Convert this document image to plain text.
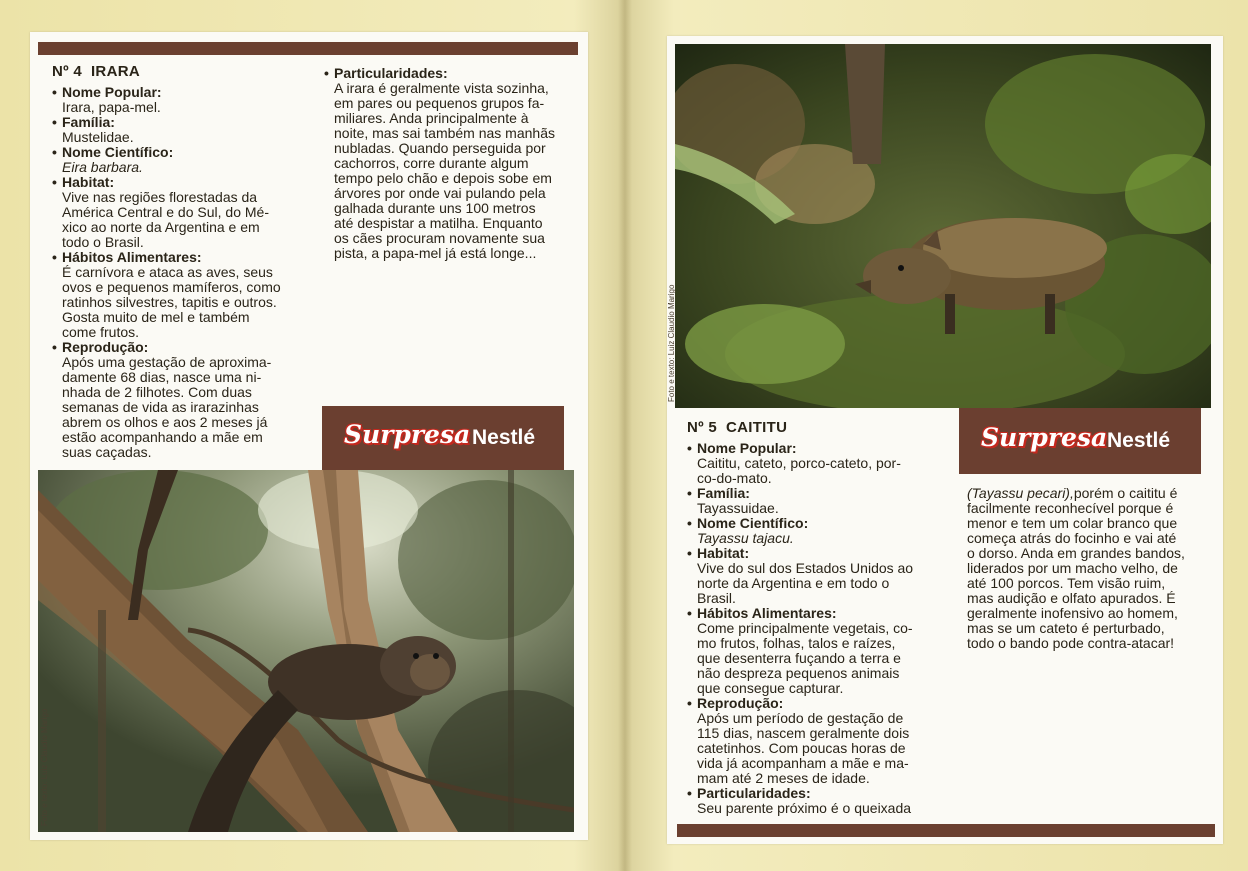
Nº 4 IRARA

• Nome Popular:

Irara, papa-mel.

• Família:

Mustelidae.

• Nome Científico:

Eira barbara.

• Habitat:

Vive nas regiões florestadas da
América Central e do Sul, do Mé-
xico ao norte da Argentina e em
todo o Brasil.

• Hábitos Alimentares:

É carnívora e ataca as aves, seus
ovos e pequenos mamíferos, como
ratinhos silvestres, tapitis e outros.
Gosta muito de mel e também
come frutos.

• Reprodução:

Após uma gestação de aproxima-
damente 68 dias, nasce uma ni-
nhada de 2 filhotes. Com duas
semanas de vida as irarazinhas
abrem os olhos e aos 2 meses já
estão acompanhando a mãe em
suas caçadas.

• Particularidades:

A irara é geralmente vista sozinha,
em pares ou pequenos grupos fa-
miliares. Anda principalmente à
noite, mas sai também nas manhãs
nubladas. Quando perseguida por
cachorros, corre durante algum
tempo pelo chão e depois sobe em
árvores por onde vai pulando pela
galhada durante uns 100 metros
até despistar a matilha. Enquanto
os cães procuram novamente sua
pista, a papa-mel já está longe...

Surpresa Nestlé
Foto e texto: Luiz Claudio Marigo
Foto e texto: Luiz Claudio Marigo
Surpresa Nestlé

Nº 5 CAITITU

• Nome Popular:

Caititu, cateto, porco-cateto, por-
co-do-mato.

• Família:

Tayassuidae.

• Nome Científico:

Tayassu tajacu.

• Habitat:

Vive do sul dos Estados Unidos ao
norte da Argentina e em todo o
Brasil.

• Hábitos Alimentares:

Come principalmente vegetais, co-
mo frutos, folhas, talos e raízes,
que desenterra fuçando a terra e
não despreza pequenos animais
que consegue capturar.

• Reprodução:

Após um período de gestação de
115 dias, nascem geralmente dois
catetinhos. Com poucas horas de
vida já acompanham a mãe e ma-
mam até 2 meses de idade.

• Particularidades:

Seu parente próximo é o queixada

(Tayassu pecari),porém o caititu é
facilmente reconhecível porque é
menor e tem um colar branco que
começa atrás do focinho e vai até
o dorso. Anda em grandes bandos,
liderados por um macho velho, de
até 100 porcos. Tem visão ruim,
mas audição e olfato apurados. É
geralmente inofensivo ao homem,
mas se um cateto é perturbado,
todo o bando pode contra-atacar!
